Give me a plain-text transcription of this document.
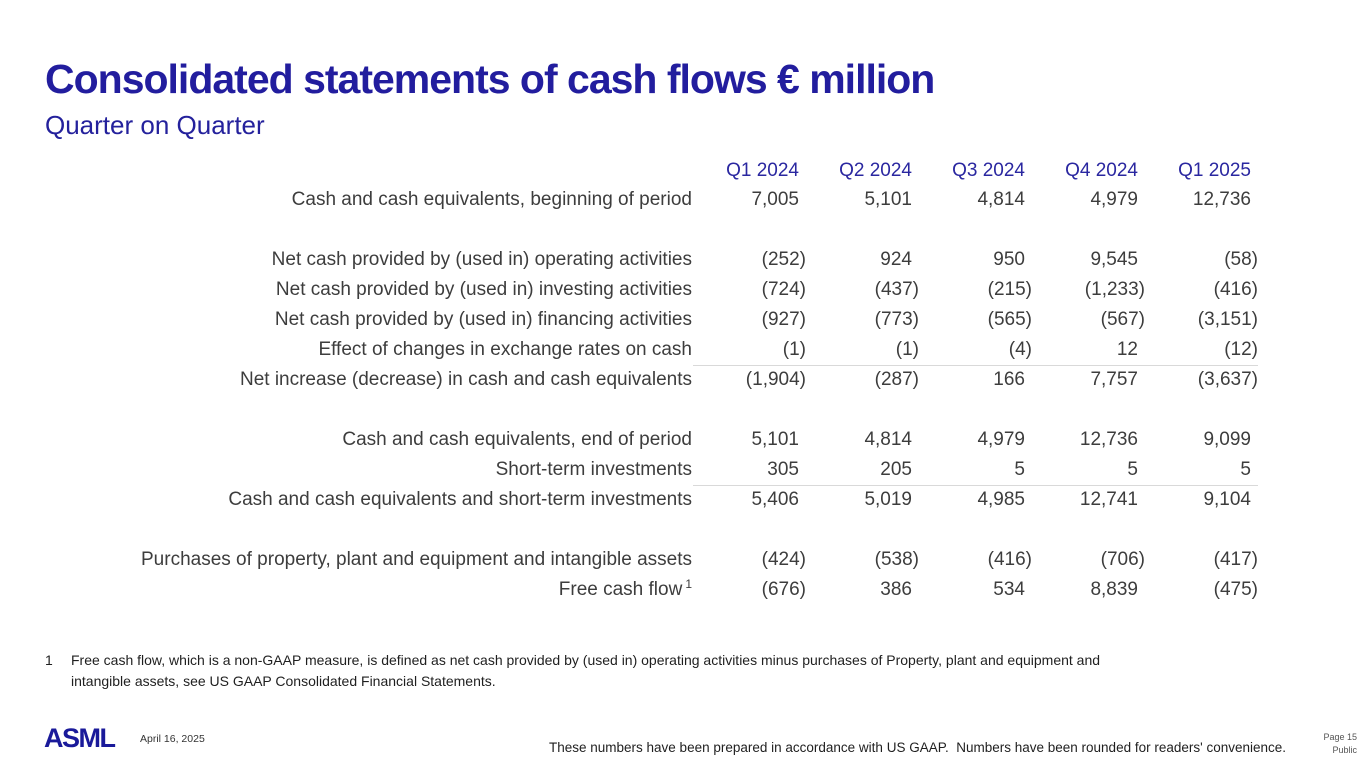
Consolidated statements of cash flows € million
Quarter on Quarter
Q1 2024	Q2 2024	Q3 2024	Q4 2024	Q1 2025
Cash and cash equivalents, beginning of period	7,005	5,101	4,814	4,979	12,736
Net cash provided by (used in) operating activities	(252)	924	950	9,545	(58)
Net cash provided by (used in) investing activities	(724)	(437)	(215)	(1,233)	(416)
Net cash provided by (used in) financing activities	(927)	(773)	(565)	(567)	(3,151)
Effect of changes in exchange rates on cash	(1)	(1)	(4)	12	(12)
Net increase (decrease) in cash and cash equivalents	(1,904)	(287)	166	7,757	(3,637)
Cash and cash equivalents, end of period	5,101	4,814	4,979	12,736	9,099
Short-term investments	305	205	5	5	5
Cash and cash equivalents and short-term investments	5,406	5,019	4,985	12,741	9,104
Purchases of property, plant and equipment and intangible assets	(424)	(538)	(416)	(706)	(417)
Free cash flow $^1$	(676)	386	534	8,839	(475)
1	Free cash flow, which is a non-GAAP measure, is defined as net cash provided by (used in) operating activities minus purchases of Property, plant and equipment and
intangible assets, see US GAAP Consolidated Financial Statements.
ASML April 16, 2025
These numbers have been prepared in accordance with US GAAP.  Numbers have been rounded for readers' convenience.
Page 15
Public
